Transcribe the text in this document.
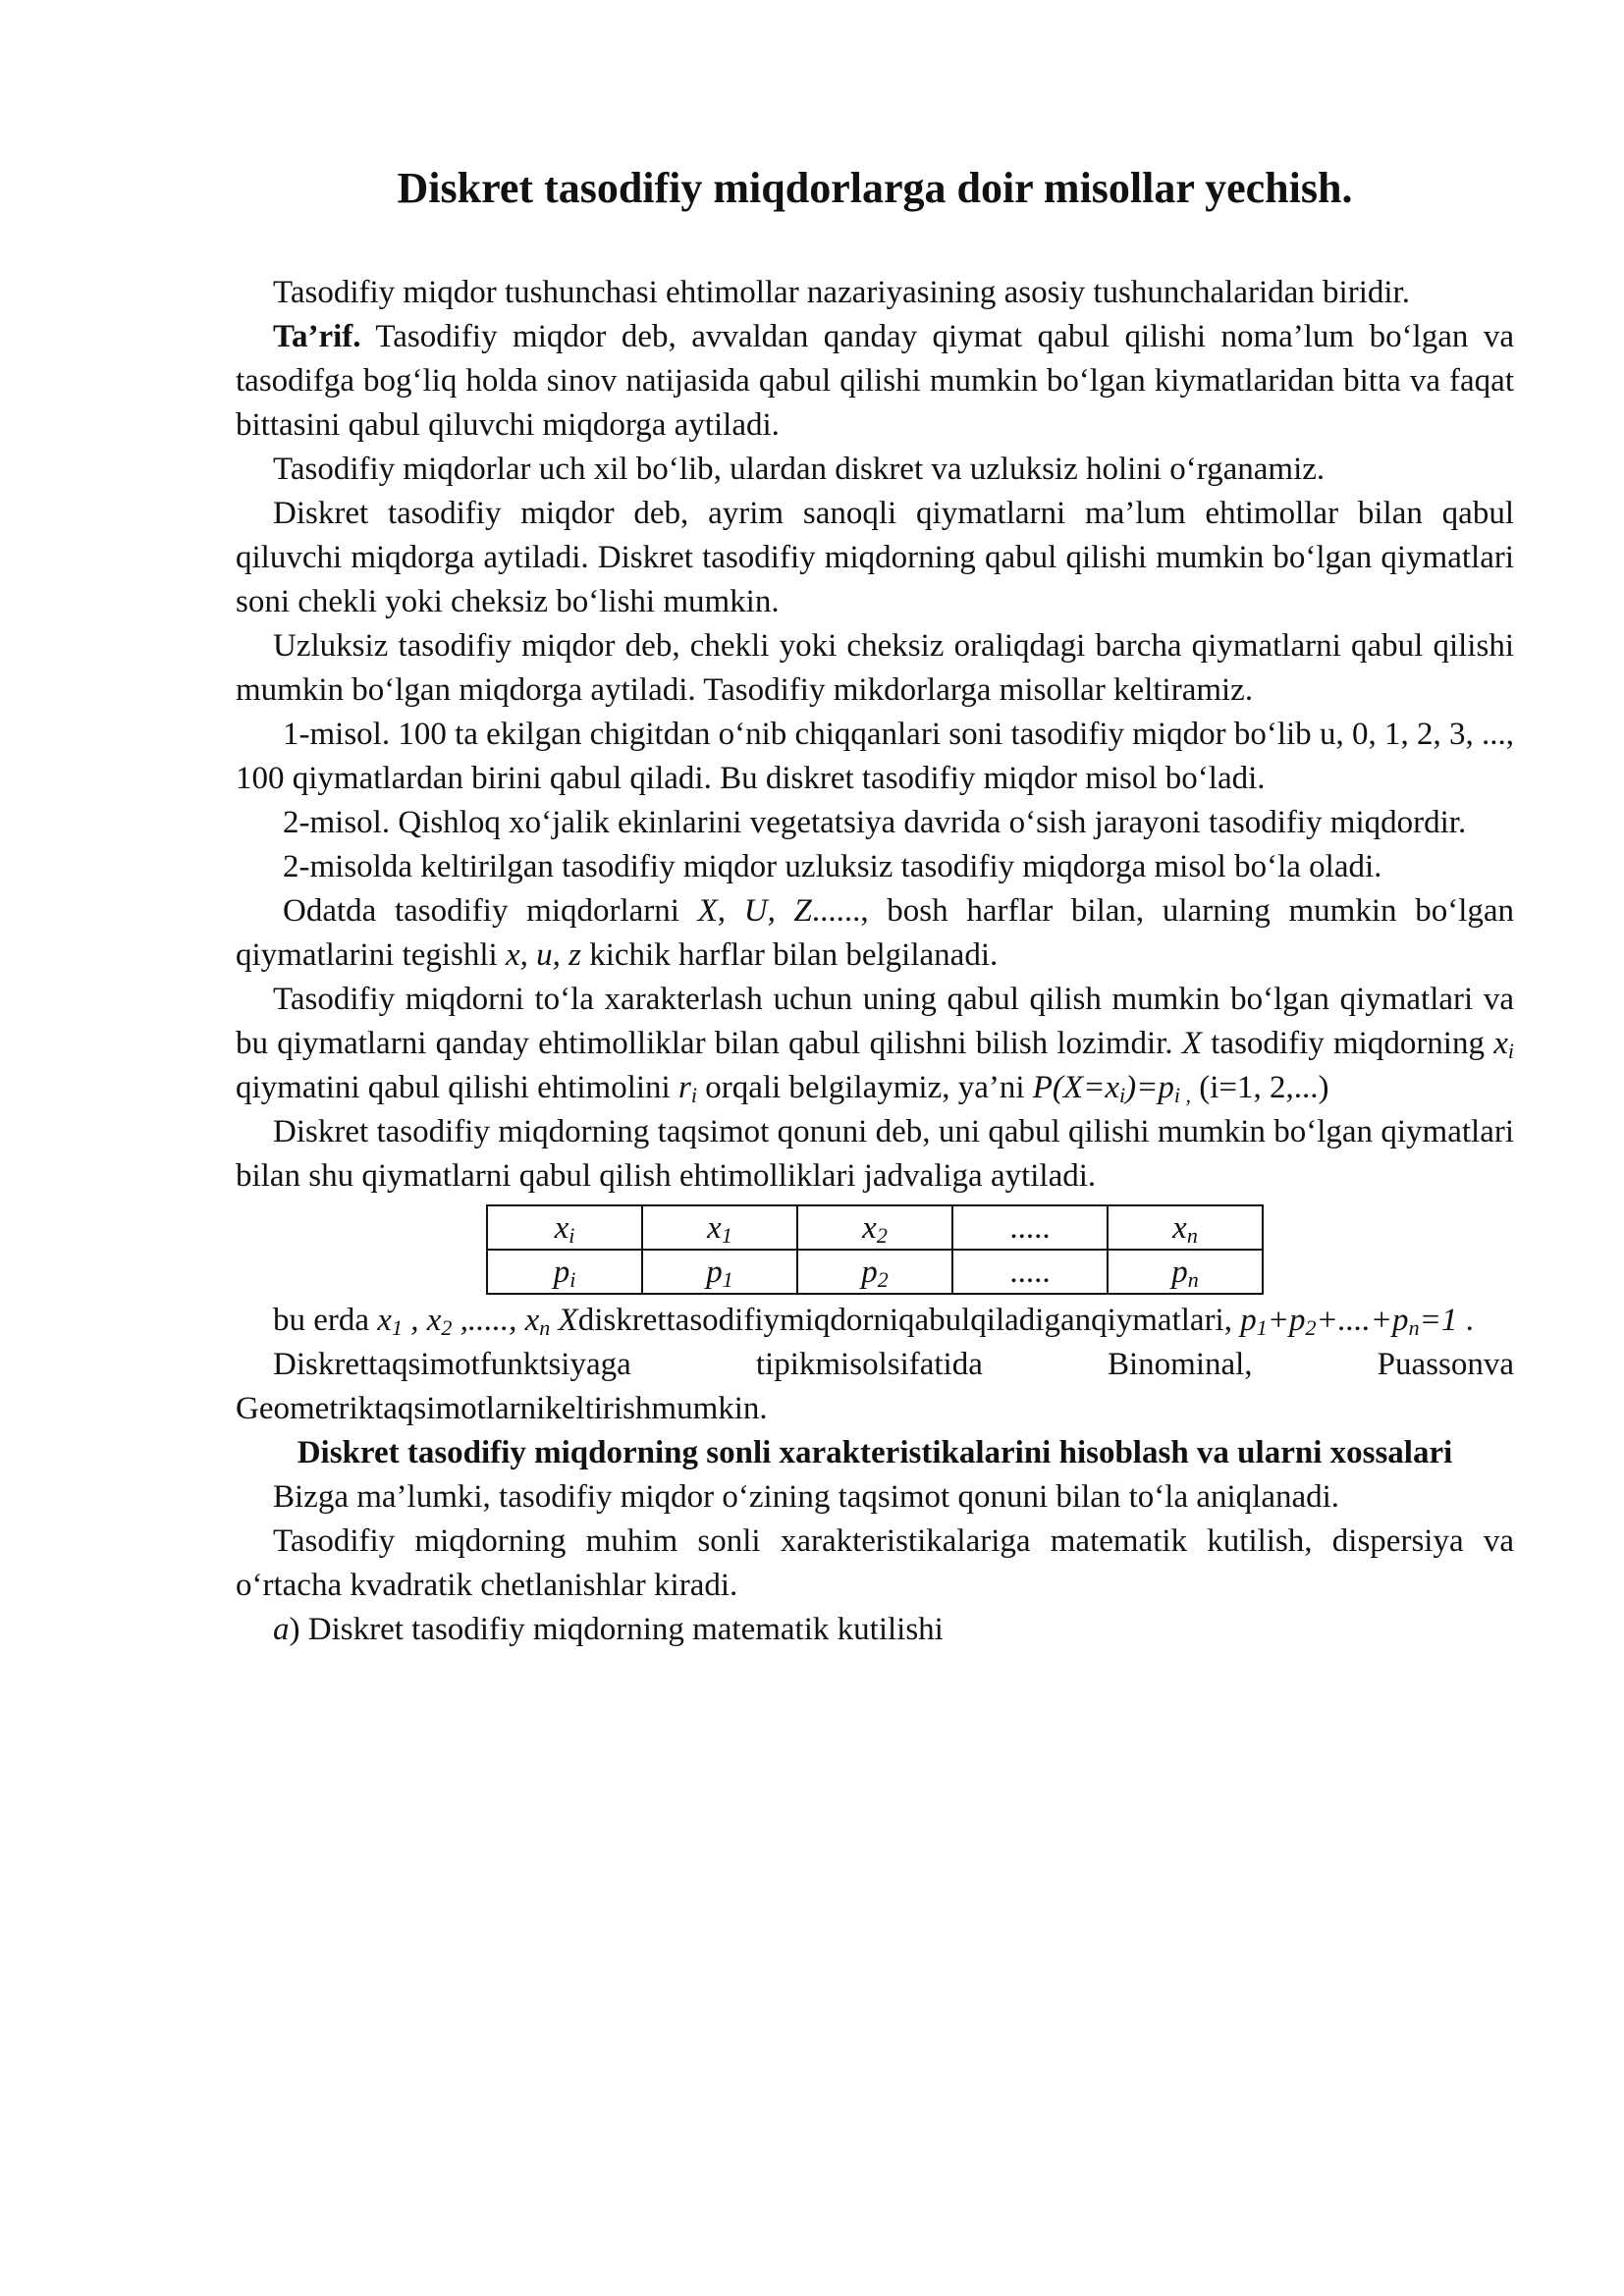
Diskret tasodifiy miqdorlarga doir misollar yechish.

Tasodifiy miqdor tushunchasi ehtimollar nazariyasining asosiy tushunchalaridan biridir.

Ta’rif. Tasodifiy miqdor deb, avvaldan qanday qiymat qabul qilishi noma’lum bo‘lgan va tasodifga bog‘liq holda sinov natijasida qabul qilishi mumkin bo‘lgan kiymatlaridan bitta va faqat bittasini qabul qiluvchi miqdorga aytiladi.

Tasodifiy miqdorlar uch xil bo‘lib, ulardan diskret va uzluksiz holini o‘rganamiz.

Diskret tasodifiy miqdor deb, ayrim sanoqli qiymatlarni ma’lum ehtimollar bilan qabul qiluvchi miqdorga aytiladi. Diskret tasodifiy miqdorning qabul qilishi mumkin bo‘lgan qiymatlari soni chekli yoki cheksiz bo‘lishi mumkin.

Uzluksiz tasodifiy miqdor deb, chekli yoki cheksiz oraliqdagi barcha qiymatlarni qabul qilishi mumkin bo‘lgan miqdorga aytiladi. Tasodifiy mikdorlarga misollar keltiramiz.

1-misol. 100 ta ekilgan chigitdan o‘nib chiqqanlari soni tasodifiy miqdor bo‘lib u, 0, 1, 2, 3, ..., 100 qiymatlardan birini qabul qiladi. Bu diskret tasodifiy miqdor misol bo‘ladi.

2-misol. Qishloq xo‘jalik ekinlarini vegetatsiya davrida o‘sish jarayoni tasodifiy miqdordir.

2-misolda keltirilgan tasodifiy miqdor uzluksiz tasodifiy miqdorga misol bo‘la oladi.

Odatda tasodifiy miqdorlarni X, U, Z......, bosh harflar bilan, ularning mumkin bo‘lgan qiymatlarini tegishli x, u, z kichik harflar bilan belgilanadi.

Tasodifiy miqdorni to‘la xarakterlash uchun uning qabul qilish mumkin bo‘lgan qiymatlari va bu qiymatlarni qanday ehtimolliklar bilan qabul qilishni bilish lozimdir. X tasodifiy miqdorning $x_i$ qiymatini qabul qilishi ehtimolini $r_i$ orqali belgilaymiz, ya’ni $P(X=x_i)=p_{i ,}$ (i=1, 2,...)

Diskret tasodifiy miqdorning taqsimot qonuni deb, uni qabul qilishi mumkin bo‘lgan qiymatlari bilan shu qiymatlarni qabul qilish ehtimolliklari jadvaliga aytiladi.

$x_i$	$x_1$	$x_2$	.....	$x_n$
$p_i$	$p_1$	$p_2$	.....	$p_n$

bu erda $x_1$ , $x_2$ ,....., $x_n$ Xdiskrettasodifiymiqdorniqabulqiladiganqiymatlari, $p_1+p_2+....+p_n=1$ .

Diskrettaqsimotfunktsiyaga tipikmisolsifatida Binominal, Puassonva Geometriktaqsimotlarnikeltirishmumkin.

Diskret tasodifiy miqdorning sonli xarakteristikalarini hisoblash va ularni xossalari

Bizga ma’lumki, tasodifiy miqdor o‘zining taqsimot qonuni bilan to‘la aniqlanadi.

Tasodifiy miqdorning muhim sonli xarakteristikalariga matematik kutilish, dispersiya va o‘rtacha kvadratik chetlanishlar kiradi.

a) Diskret tasodifiy miqdorning matematik kutilishi
